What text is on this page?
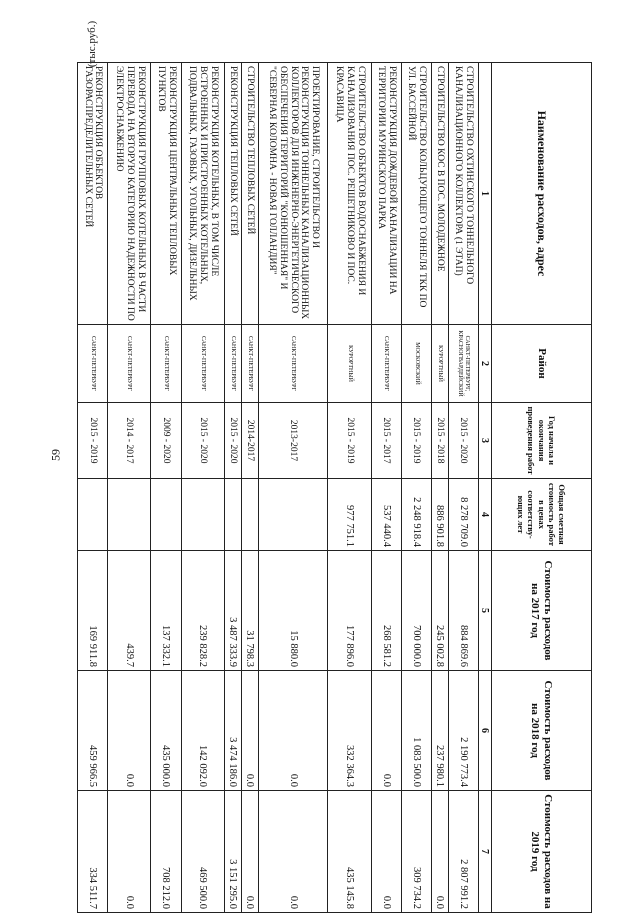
59
(тыс.руб.)
Наименование расходов, адрес	Район	Год начала и окончания проведения работ	Общая сметная стоимость работ в ценах соответству-ющих лет	Стоимость расходов на 2017 год	Стоимость расходов на 2018 год	Стоимость расходов на 2019 год
1	2	3	4	5	6	7
СТРОИТЕЛЬСТВО ОХТИНСКОГО ТОННЕЛЬНОГО КАНАЛИЗАЦИОННОГО КОЛЛЕКТОРА (1 ЭТАП)	САНКТ-ПЕТЕРБУРГ, КРАСНОГВАРДЕЙСКИЙ	2015 - 2020	8 278 709.0	884 869.6	2 190 773.4	2 807 991.2
СТРОИТЕЛЬСТВО КОС В ПОС. МОЛОДЕЖНОЕ	КУРОРТНЫЙ	2015 - 2018	886 901.8	245 002.8	237 980.1	0.0
СТРОИТЕЛЬСТВО КОЛЬЦУЮЩЕГО ТОННЕЛЯ ТКК ПО УЛ. БАССЕЙНОЙ	МОСКОВСКИЙ	2015 - 2019	2 248 918.4	700 000.0	1 083 500.0	309 734.2
РЕКОНСТРУКЦИЯ ДОЖДЕВОЙ КАНАЛИЗАЦИИ НА ТЕРРИТОРИИ МУРИНСКОГО ПАРКА	САНКТ-ПЕТЕРБУРГ	2015 - 2017	537 440.4	268 581.2	0.0	0.0
СТРОИТЕЛЬСТВО ОБЪЕКТОВ ВОДОСНАБЖЕНИЯ И КАНАЛИЗОВАНИЯ ПОС. РЕШЕТНИКОВО И ПОС. КРАСАВИЦА	КУРОРТНЫЙ	2015 - 2019	977 751.1	177 896.0	332 364.3	435 145.8
ПРОЕКТИРОВАНИЕ, СТРОИТЕЛЬСТВО И РЕКОНСТРУКЦИЯ ТОННЕЛЬНЫХ КАНАЛИЗАЦИОННЫХ КОЛЛЕКТОРОВ ДЛЯ ИНЖЕНЕРНО-ЭНЕРГЕТИЧЕСКОГО ОБЕСПЕЧЕНИЯ ТЕРРИТОРИЙ "КОНЮШЕННАЯ" И "СЕВЕРНАЯ КОЛОМНА - НОВАЯ ГОЛЛАНДИЯ"	САНКТ-ПЕТЕРБУРГ	2013-2017		15 880.0	0.0	0.0
СТРОИТЕЛЬСТВО ТЕПЛОВЫХ СЕТЕЙ	САНКТ-ПЕТЕРБУРГ	2014-2017		31 798.3	0.0	0.0
РЕКОНСТРУКЦИЯ ТЕПЛОВЫХ СЕТЕЙ	САНКТ-ПЕТЕРБУРГ	2015 - 2020		3 487 333.9	3 474 186.0	3 151 295.0
РЕКОНСТРУКЦИЯ КОТЕЛЬНЫХ, В ТОМ ЧИСЛЕ ВСТРОЕННЫХ И ПРИСТРОЕННЫХ КОТЕЛЬНЫХ, ПОДВАЛЬНЫХ, ГАЗОВЫХ, УГОЛЬНЫХ, ДИЗЕЛЬНЫХ	САНКТ-ПЕТЕРБУРГ	2015 - 2020		239 828.2	142 092.0	469 500.0
РЕКОНСТРУКЦИЯ ЦЕНТРАЛЬНЫХ ТЕПЛОВЫХ ПУНКТОВ	САНКТ-ПЕТЕРБУРГ	2009 - 2020		137 332.1	435 000.0	708 212.0
РЕКОНСТРУКЦИЯ ГРУППОВЫХ КОТЕЛЬНЫХ В ЧАСТИ ПЕРЕВОДА НА ВТОРУЮ КАТЕГОРИЮ НАДЕЖНОСТИ ПО ЭЛЕКТРОСНАБЖЕНИЮ	САНКТ-ПЕТЕРБУРГ	2014 - 2017		439.7	0.0	0.0
РЕКОНСТРУКЦИЯ ОБЪЕКТОВ ГАЗОРАСПРЕДЕЛИТЕЛЬНЫХ СЕТЕЙ	САНКТ-ПЕТЕРБУРГ	2015 - 2019		169 911.8	459 966.5	334 511.7
